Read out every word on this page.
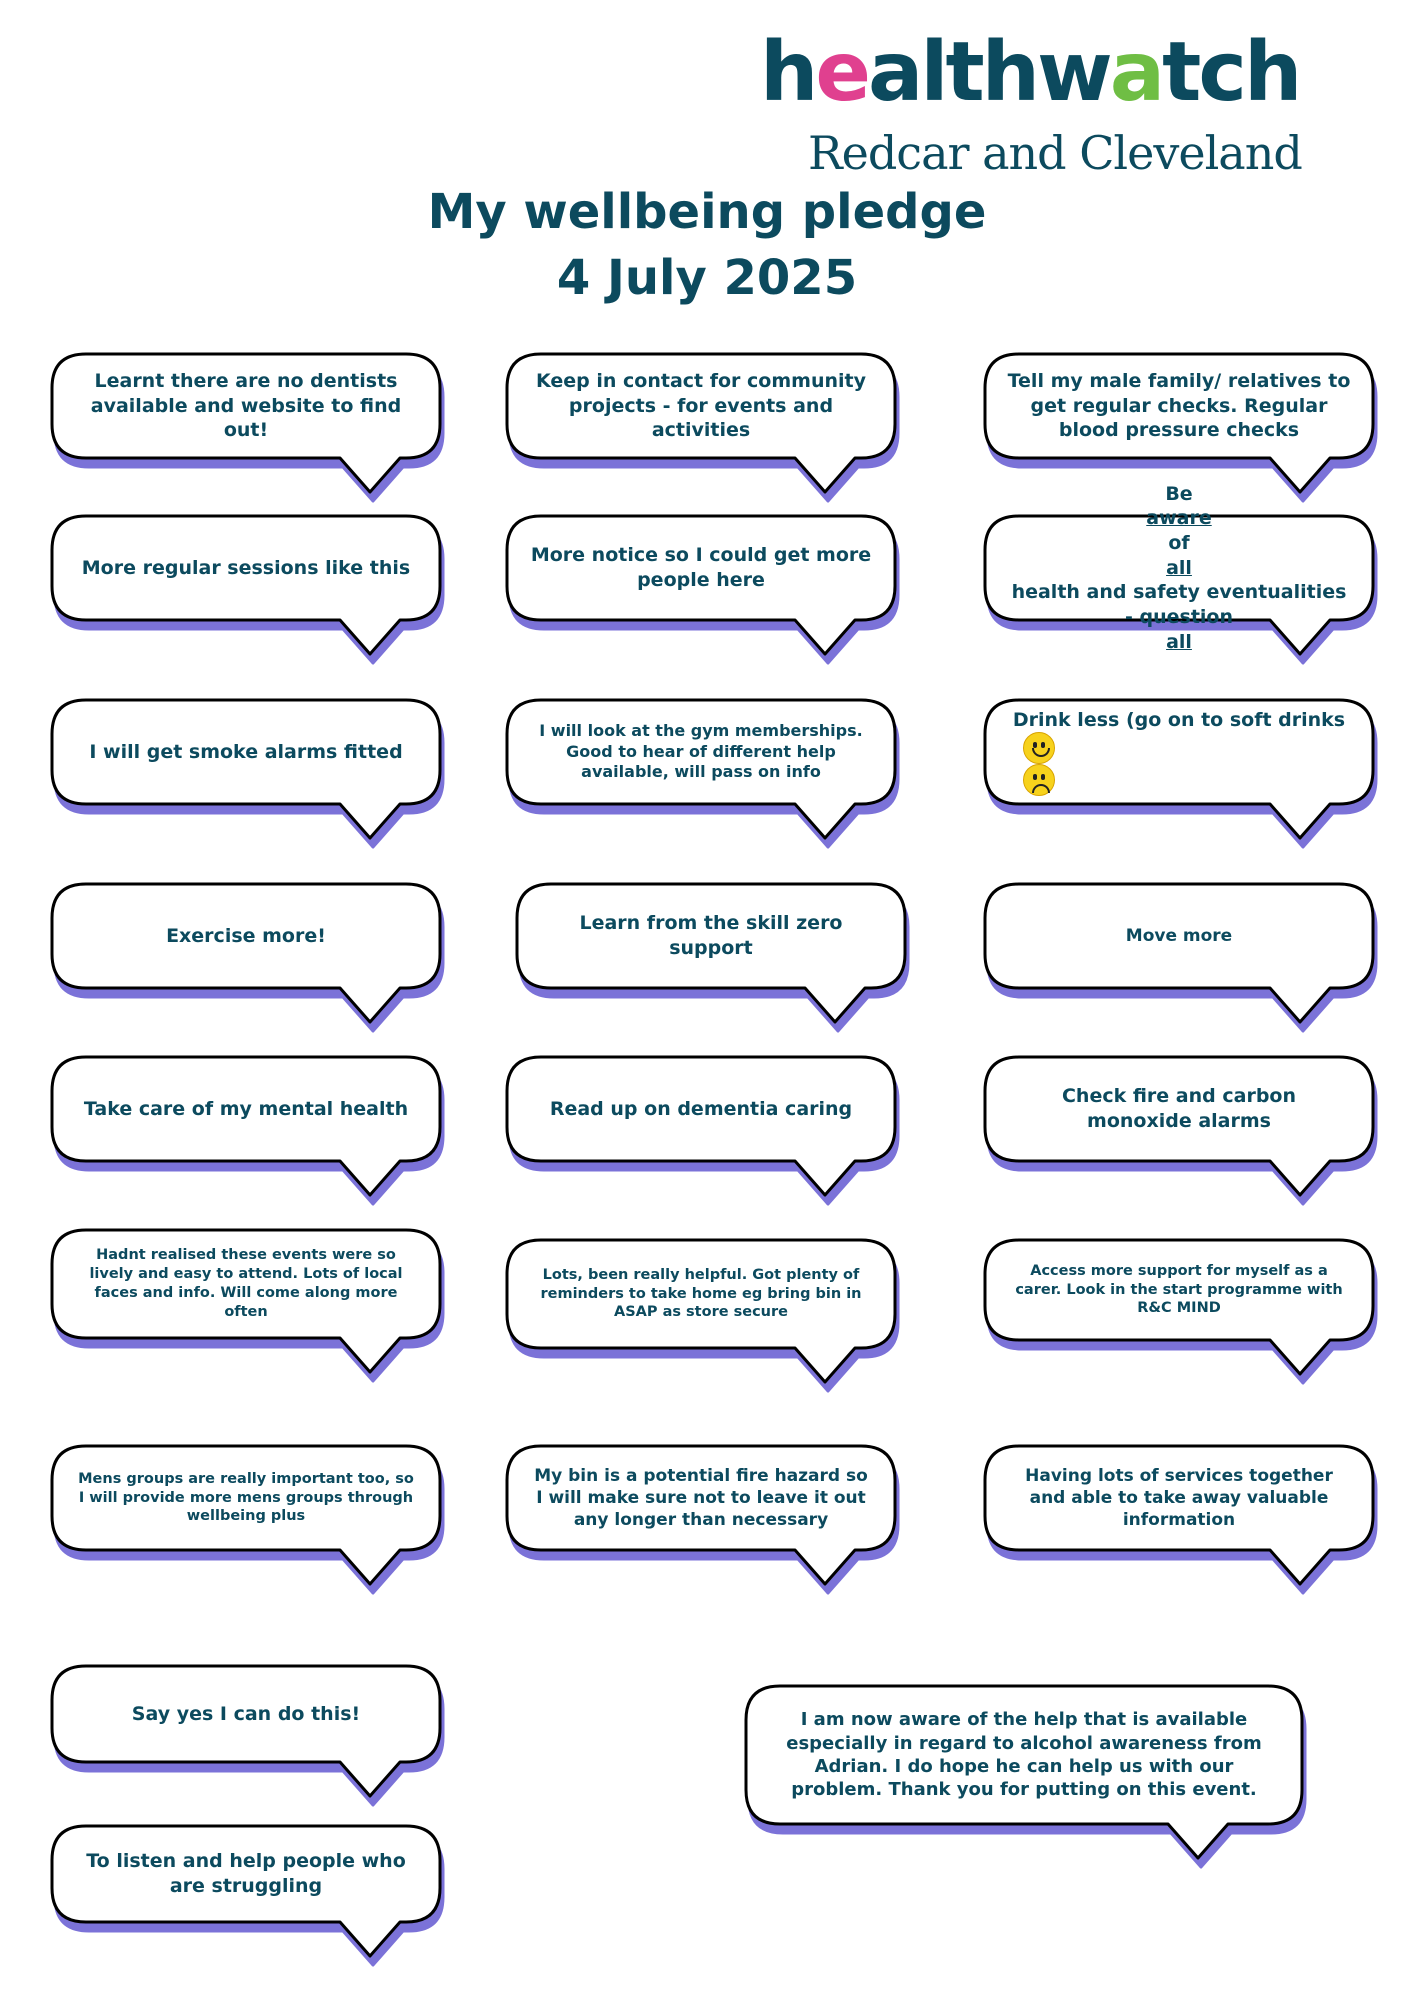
healthwatch
Redcar and Cleveland
My wellbeing pledge
4 July 2025
Learnt there are no dentists available and website to find out!
Keep in contact for community projects - for events and activities
Tell my male family/ relatives to get regular checks. Regular blood pressure checks
More regular sessions like this
More notice so I could get more people here
Be
aware
of
all
health and safety eventualities - question
all
I will get smoke alarms fitted
I will look at the gym memberships. Good to hear of different help available, will pass on info
Drink less (go on to soft drinks
Exercise more!
Learn from the skill zero support
Move more
Take care of my mental health	Read up on dementia caring
Check fire and carbon monoxide alarms
Hadnt realised these events were so lively and easy to attend. Lots of local faces and info. Will come along more often
Lots, been really helpful. Got plenty of reminders to take home eg bring bin in ASAP as store secure
Access more support for myself as a carer. Look in the start programme with R&C MIND
Mens groups are really important too, so I will provide more mens groups through wellbeing plus
My bin is a potential fire hazard so I will make sure not to leave it out any longer than necessary
Having lots of services together and able to take away valuable information
Say yes I can do this!	I am now aware of the help that is available especially in regard to alcohol awareness from Adrian. I do hope he can help us with our problem. Thank you for putting on this event.
To listen and help people who are struggling
